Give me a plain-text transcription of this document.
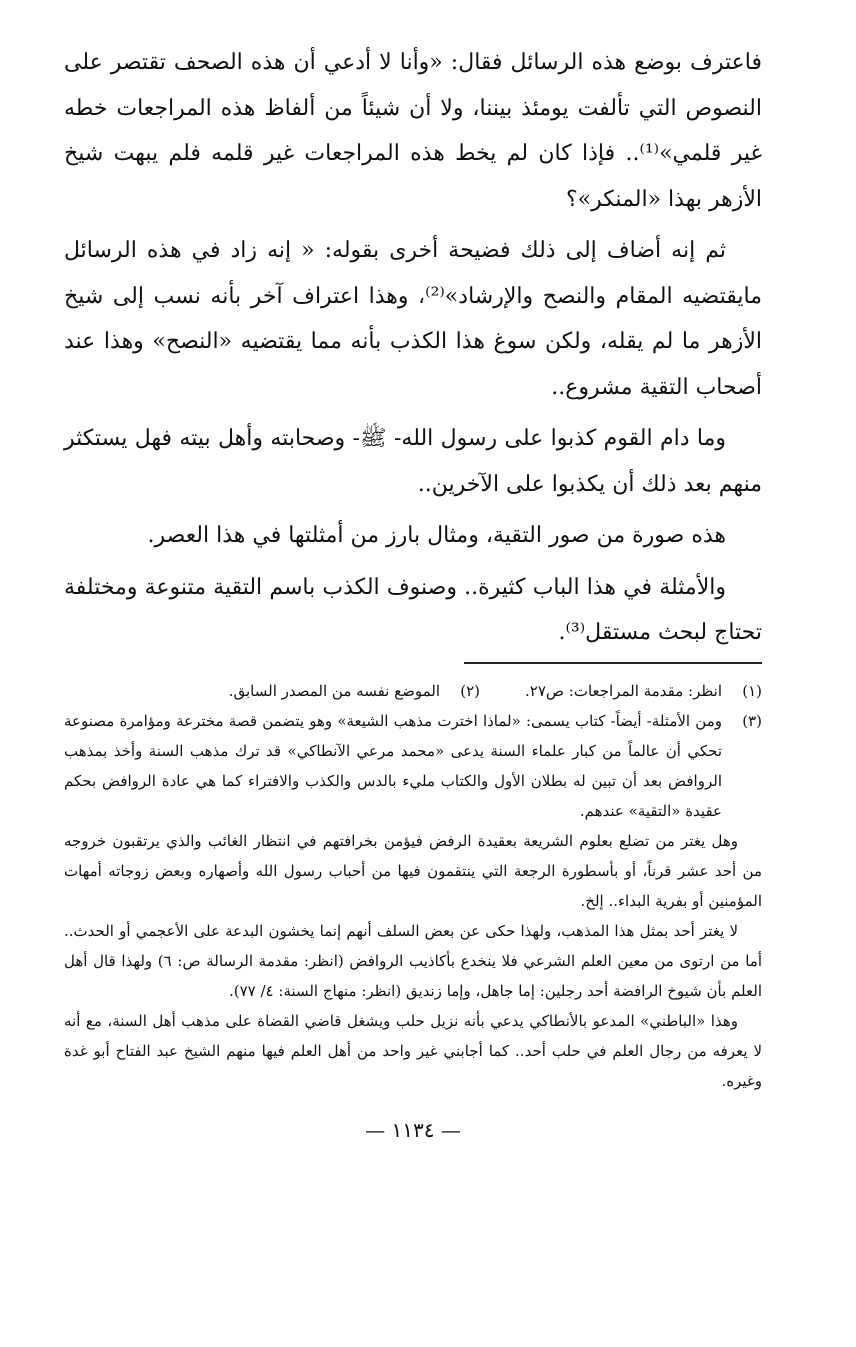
فاعترف بوضع هذه الرسائل فقال: «وأنا لا أدعي أن هذه الصحف تقتصر على النصوص التي تألفت يومئذ بيننا، ولا أن شيئاً من ألفاظ هذه المراجعات خطه غير قلمي»⁽¹⁾.. فإذا كان لم يخط هذه المراجعات غير قلمه فلم يبهت شيخ الأزهر بهذا «المنكر»؟

ثم إنه أضاف إلى ذلك فضيحة أخرى بقوله: « إنه زاد في هذه الرسائل مايقتضيه المقام والنصح والإرشاد»⁽²⁾، وهذا اعتراف آخر بأنه نسب إلى شيخ الأزهر ما لم يقله، ولكن سوغ هذا الكذب بأنه مما يقتضيه «النصح» وهذا عند أصحاب التقية مشروع..

وما دام القوم كذبوا على رسول الله- ﷺ- وصحابته وأهل بيته فهل يستكثر منهم بعد ذلك أن يكذبوا على الآخرين..

هذه صورة من صور التقية، ومثال بارز من أمثلتها في هذا العصر.

والأمثلة في هذا الباب كثيرة.. وصنوف الكذب باسم التقية متنوعة ومختلفة تحتاج لبحث مستقل⁽³⁾.

(١)
انظر: مقدمة المراجعات: ص٢٧.
(٢)
الموضع نفسه من المصدر السابق.
(٣)

ومن الأمثلة- أيضاً- كتاب يسمى: «لماذا اخترت مذهب الشيعة» وهو يتضمن قصة مخترعة ومؤامرة مصنوعة تحكي أن عالماً من كبار علماء السنة يدعى «محمد مرعي الآنطاكي» قد ترك مذهب السنة وأخذ بمذهب الروافض بعد أن تبين له بطلان الأول والكتاب مليء بالدس والكذب والافتراء كما هي عادة الروافض بحكم عقيدة «التقية» عندهم.

وهل يغتر من تضلع بعلوم الشريعة بعقيدة الرفض فيؤمن بخرافتهم في انتظار الغائب والذي يرتقبون خروجه من أحد عشر قرناً، أو بأسطورة الرجعة التي ينتقمون فيها من أحباب رسول الله وأصهاره وبعض زوجاته أمهات المؤمنين أو بفرية البداء.. إلخ.

لا يغتر أحد بمثل هذا المذهب، ولهذا حكى عن بعض السلف أنهم إنما يخشون البدعة على الأعجمي أو الحدث.. أما من ارتوى من معين العلم الشرعي فلا ينخدع بأكاذيب الروافض (انظر: مقدمة الرسالة ص: ٦) ولهذا قال أهل العلم بأن شيوخ الرافضة أحد رجلين: إما جاهل، وإما زنديق (انظر: منهاج السنة: ٤/ ٧٧).

وهذا «الباطني» المدعو بالأنطاكي يدعي بأنه نزيل حلب ويشغل قاضي القضاة على مذهب أهل السنة، مع أنه لا يعرفه من رجال العلم في حلب أحد.. كما أجابني غير واحد من أهل العلم فيها منهم الشيخ عبد الفتاح أبو غدة وغيره.

— ١١٣٤ —
